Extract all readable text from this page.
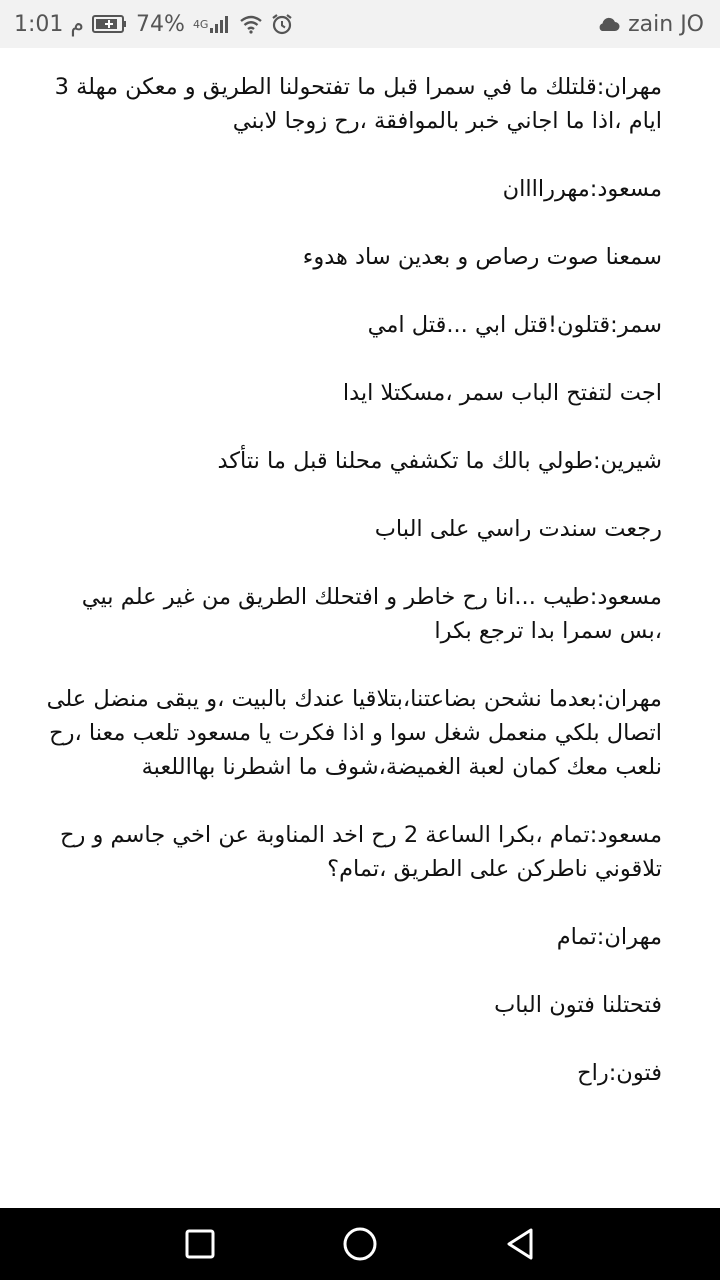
1:01 م 74% 4G	zain JO

مهران:قلتلك ما في سمرا قبل ما تفتحولنا الطريق و معكن مهلة 3 ايام ،اذا ما اجاني خبر بالموافقة ،رح زوجا لابني

مسعود:مهرراااان

سمعنا صوت رصاص و بعدين ساد هدوء

سمر:قتلون!قتل ابي ...قتل امي

اجت لتفتح الباب سمر ،مسكتلا ايدا

شيرين:طولي بالك ما تكشفي محلنا قبل ما نتأكد

رجعت سندت راسي على الباب

مسعود:طيب ...انا رح خاطر و افتحلك الطريق من غير علم بيي ،بس سمرا بدا ترجع بكرا

مهران:بعدما نشحن بضاعتنا،بتلاقيا عندك بالبيت ،و يبقى منضل على اتصال بلكي منعمل شغل سوا و اذا فكرت يا مسعود تلعب معنا ،رح نلعب معك كمان لعبة الغميضة،شوف ما اشطرنا بهااللعبة

مسعود:تمام ،بكرا الساعة 2 رح اخد المناوبة عن اخي جاسم و رح تلاقوني ناطركن على الطريق ،تمام؟

مهران:تمام

فتحتلنا فتون الباب

فتون:راح
